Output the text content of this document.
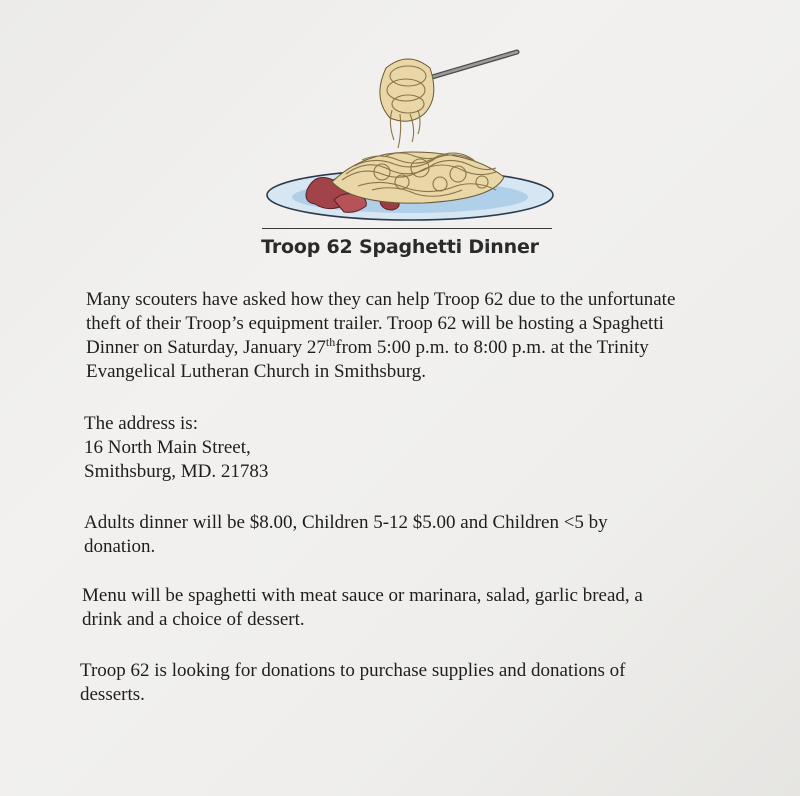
Troop 62 Spaghetti Dinner
Many scouters have asked how they can help Troop 62 due to the unfortunate
theft of their Troop’s equipment trailer. Troop 62 will be hosting a Spaghetti
Dinner on Saturday, January 27thfrom 5:00 p.m. to 8:00 p.m. at the Trinity
Evangelical Lutheran Church in Smithsburg.
The address is:
16 North Main Street,
Smithsburg, MD. 21783
Adults dinner will be $8.00, Children 5-12 $5.00 and Children <5 by
donation.
Menu will be spaghetti with meat sauce or marinara, salad, garlic bread, a
drink and a choice of dessert.
Troop 62 is looking for donations to purchase supplies and donations of
desserts.
